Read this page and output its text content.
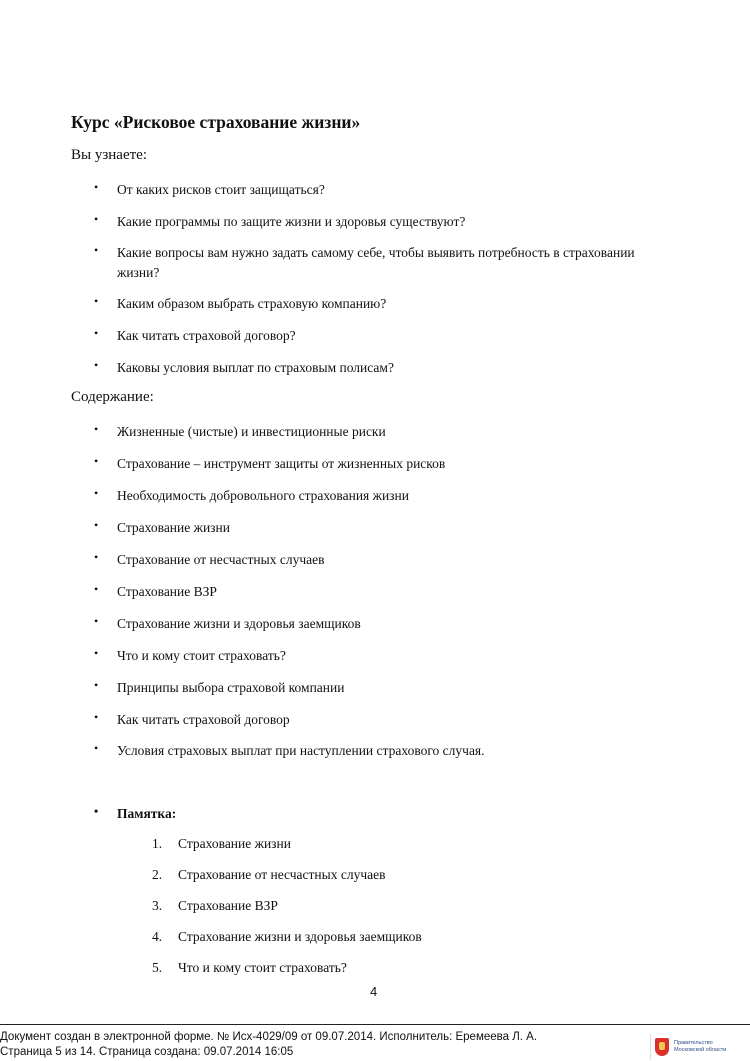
Курс «Рисковое страхование жизни»

Вы узнаете:

• От каких рисков стоит защищаться?
• Какие программы по защите жизни и здоровья существуют?
• Какие вопросы вам нужно задать самому себе, чтобы выявить потребность в страховании жизни?
• Каким образом выбрать страховую компанию?
• Как читать страховой договор?
• Каковы условия выплат по страховым полисам?

Содержание:

• Жизненные (чистые) и инвестиционные риски
• Страхование – инструмент защиты от жизненных рисков
• Необходимость добровольного страхования жизни
• Страхование жизни
• Страхование от несчастных случаев
• Страхование ВЗР
• Страхование жизни и здоровья заемщиков
• Что и кому стоит страховать?
• Принципы выбора страховой компании
• Как читать страховой договор
• Условия страховых выплат при наступлении страхового случая.
• Памятка:
1. Страхование жизни
2. Страхование от несчастных случаев
3. Страхование ВЗР
4. Страхование жизни и здоровья заемщиков
5. Что и кому стоит страховать?
4
Документ создан в электронной форме. № Исх-4029/09 от 09.07.2014. Исполнитель: Еремеева Л. А.
Страница 5 из 14. Страница создана: 09.07.2014 16:05
Правительство
Московской области
